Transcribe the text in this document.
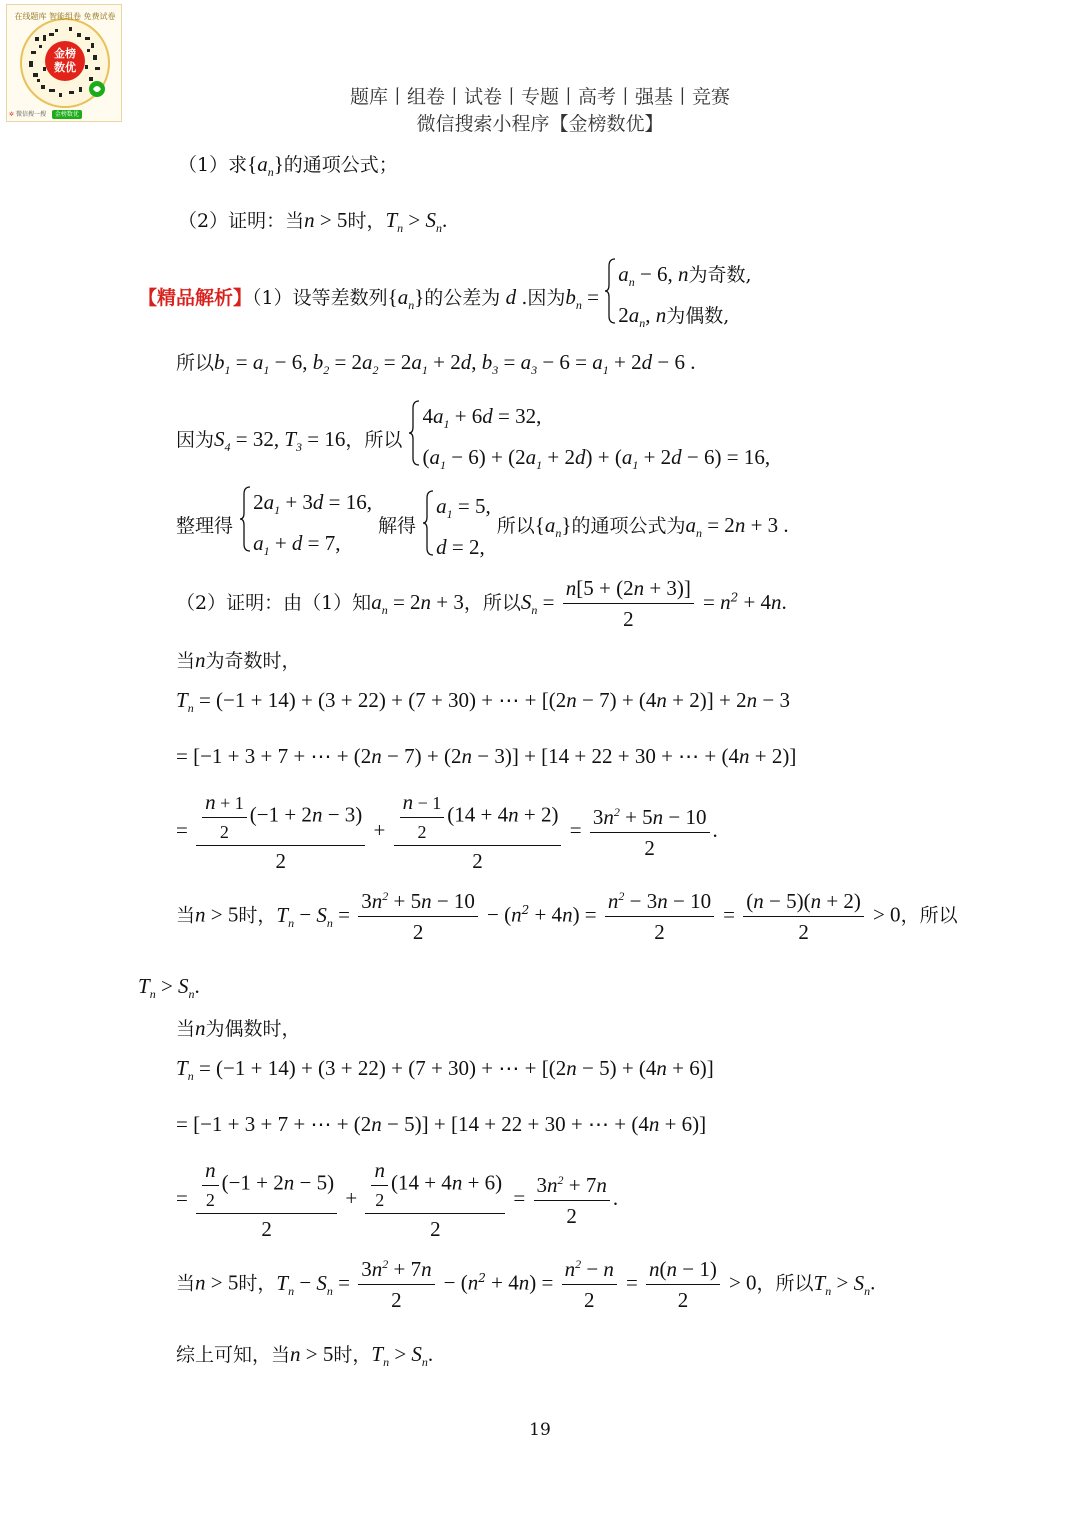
金榜
数优
在线题库 智能组卷 免费试卷
✲ 微信搜一搜 金榜数优
题库丨组卷丨试卷丨专题丨高考丨强基丨竞赛
微信搜索小程序【金榜数优】
（1）求$\{a_n\}$的通项公式；
（2）证明：当n > 5时，$T_n > S_n$.
【精品解析】（1）设等差数列$\{a_n\}$的公差为 d .因为$b_n$ =
$a_n - 6$, n为奇数,
$2a_n$, n为偶数,
所以$b_1 = a_1 - 6$, $b_2 = 2a_2 = 2a_1 + 2d$, $b_3 = a_3 - 6 = a_1 + 2d - 6$ .
因为$S_4 = 32$, $T_3 = 16$，所以
$4a_1 + 6d = 32$,
$(a_1 - 6) + (2a_1 + 2d) + (a_1 + 2d - 6) = 16$,
整理得
$2a_1 + 3d = 16$,
$a_1 + d = 7$,
解得
$a_1 = 5$,
d = 2,
所以$\{a_n\}$的通项公式为$a_n = 2n + 3$ .
（2）证明：由（1）知$a_n = 2n + 3$，所以$S_n = \frac{n[5 + (2n + 3)]}{2} = n^2 + 4n$.
当n为奇数时，
$T_n = (-1 + 14) + (3 + 22) + (7 + 30)$ + ⋯ + [(2n − 7) + (4n + 2)] + 2n − 3
= [−1 + 3 + 7 + ⋯ + (2n − 7) + (2n − 3)] + [14 + 22 + 30 + ⋯ + (4n + 2)]
= $\frac{\frac{n + 1}{2} (-1 + 2n - 3)}{2} + \frac{\frac{n - 1}{2} (14 + 4n + 2)}{2} = \frac{3n^2 + 5n - 10}{2}$ .
当n > 5时，$T_n - S_n = \frac{3n^2 + 5n - 10}{2} - (n^2 + 4n) = \frac{n^2 - 3n - 10}{2} = \frac{(n - 5)(n + 2)}{2} > 0$，所以
$T_n > S_n$.
当n为偶数时，
$T_n = (-1 + 14) + (3 + 22) + (7 + 30)$ + ⋯ + [(2n − 5) + (4n + 6)]
= [−1 + 3 + 7 + ⋯ + (2n − 5)] + [14 + 22 + 30 + ⋯ + (4n + 6)]
= $\frac{\frac{n}{2} (-1 + 2n - 5)}{2} + \frac{\frac{n}{2} (14 + 4n + 6)}{2} = \frac{3n^2 + 7n}{2}$ .
当n > 5时，$T_n - S_n = \frac{3n^2 + 7n}{2} - (n^2 + 4n) = \frac{n^2 - n}{2} = \frac{n(n - 1)}{2} > 0$，所以$T_n > S_n$.
综上可知，当n > 5时，$T_n > S_n$.
19
